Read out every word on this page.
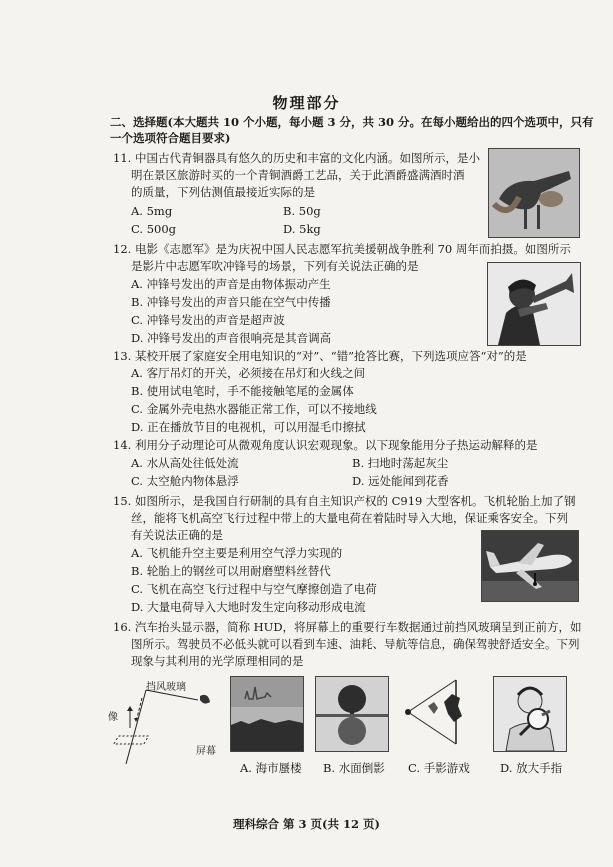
物理部分
二、选择题(本大题共 10 个小题，每小题 3 分，共 30 分。在每小题给出的四个选项中，只有
一个选项符合题目要求)
11. 中国古代青铜器具有悠久的历史和丰富的文化内涵。如图所示，是小
明在景区旅游时买的一个青铜酒爵工艺品，关于此酒爵盛满酒时酒
的质量，下列估测值最接近实际的是
A. 5mg	B. 50g
C. 500g	D. 5kg
12. 电影《志愿军》是为庆祝中国人民志愿军抗美援朝战争胜利 70 周年而拍摄。如图所示
是影片中志愿军吹冲锋号的场景，下列有关说法正确的是
A. 冲锋号发出的声音是由物体振动产生
B. 冲锋号发出的声音只能在空气中传播
C. 冲锋号发出的声音是超声波
D. 冲锋号发出的声音很响亮是其音调高
13. 某校开展了家庭安全用电知识的“对”、“错”抢答比赛，下列选项应答“对”的是
A. 客厅吊灯的开关，必须接在吊灯和火线之间
B. 使用试电笔时，手不能接触笔尾的金属体
C. 金属外壳电热水器能正常工作，可以不接地线
D. 正在播放节目的电视机，可以用湿毛巾擦拭
14. 利用分子动理论可从微观角度认识宏观现象。以下现象能用分子热运动解释的是
A. 水从高处往低处流	B. 扫地时荡起灰尘
C. 太空舱内物体悬浮	D. 远处能闻到花香
15. 如图所示，是我国自行研制的具有自主知识产权的 C919 大型客机。飞机轮胎上加了钢
丝，能将飞机高空飞行过程中带上的大量电荷在着陆时导入大地，保证乘客安全。下列
有关说法正确的是
A. 飞机能升空主要是利用空气浮力实现的
B. 轮胎上的钢丝可以用耐磨塑料丝替代
C. 飞机在高空飞行过程中与空气摩擦创造了电荷
D. 大量电荷导入大地时发生定向移动形成电流
16. 汽车抬头显示器，简称 HUD，将屏幕上的重要行车数据通过前挡风玻璃呈到正前方，如
图所示。驾驶员不必低头就可以看到车速、油耗、导航等信息，确保驾驶舒适安全。下列
现象与其利用的光学原理相同的是
挡风玻璃
像
屏幕
A. 海市蜃楼 B. 水面倒影 C. 手影游戏	D. 放大手指
理科综合 第 3 页(共 12 页)
